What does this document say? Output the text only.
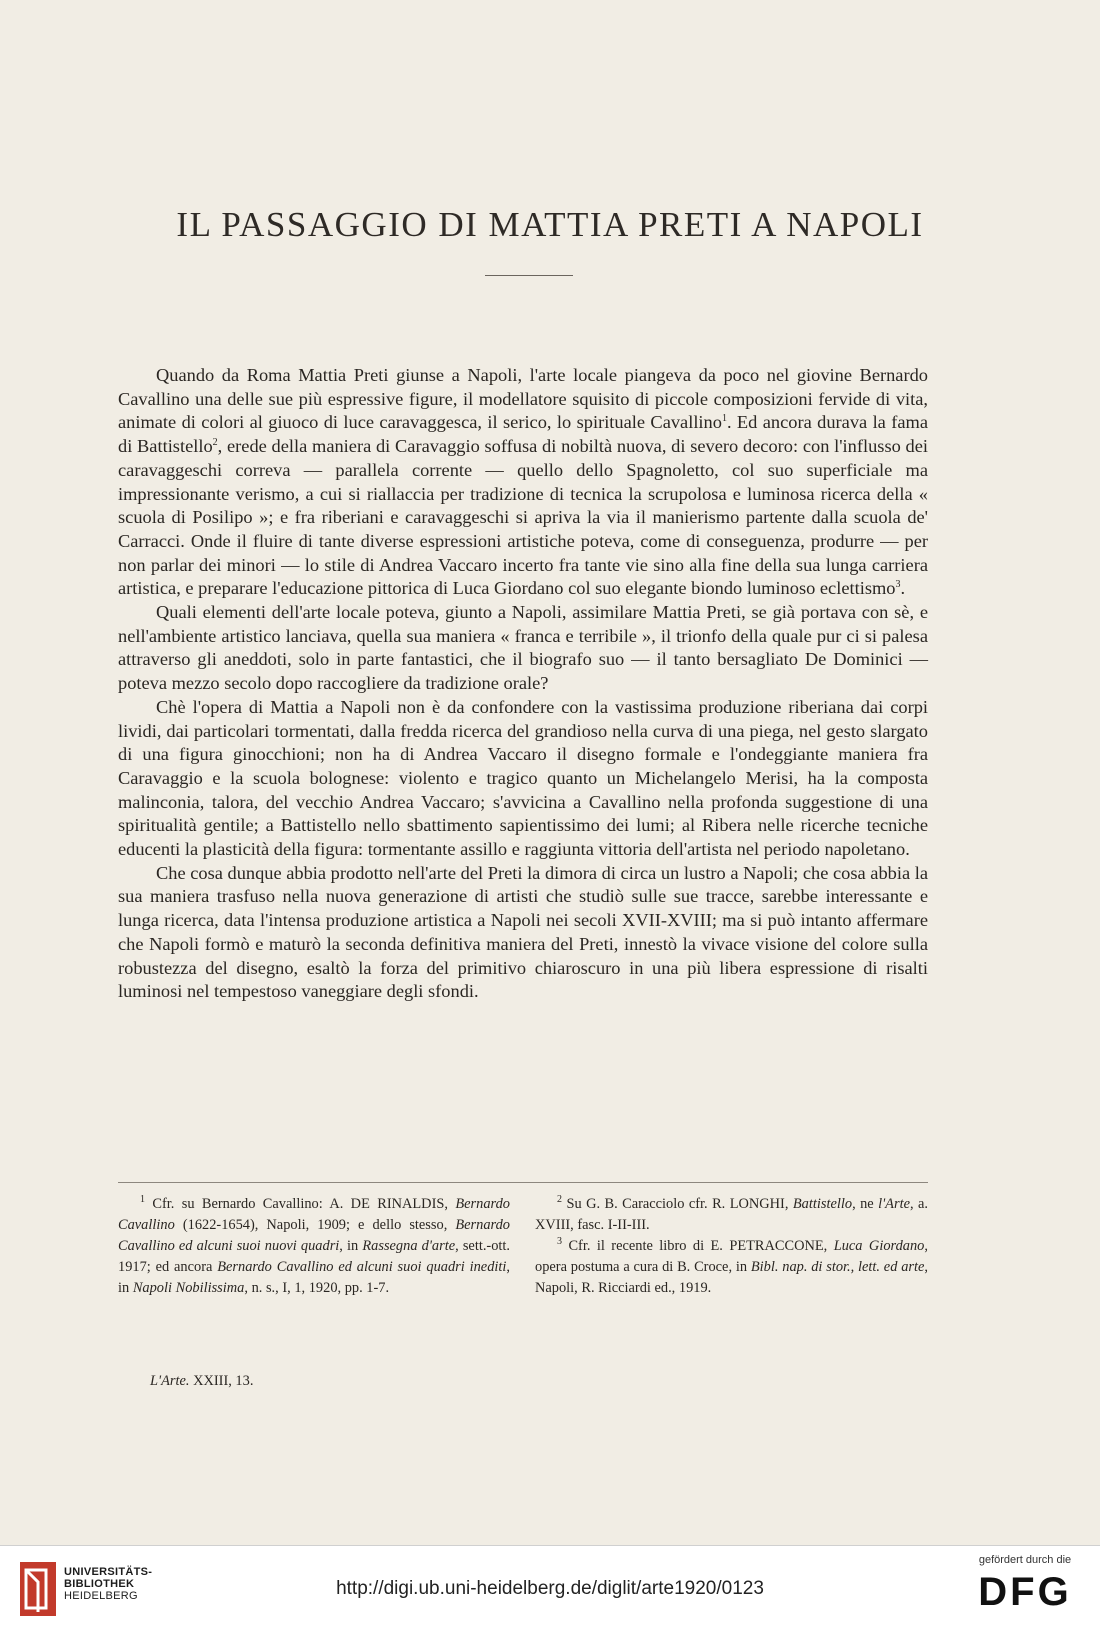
IL PASSAGGIO DI MATTIA PRETI A NAPOLI

Quando da Roma Mattia Preti giunse a Napoli, l'arte locale piangeva da poco nel giovine Bernardo Cavallino una delle sue più espressive figure, il modellatore squisito di piccole composizioni fervide di vita, animate di colori al giuoco di luce caravaggesca, il serico, lo spirituale Cavallino$^1$. Ed ancora durava la fama di Battistello$^2$, erede della maniera di Caravaggio soffusa di nobiltà nuova, di severo decoro: con l'influsso dei caravaggeschi correva — parallela corrente — quello dello Spagnoletto, col suo superficiale ma impressionante verismo, a cui si riallaccia per tradizione di tecnica la scrupolosa e luminosa ricerca della « scuola di Posilipo »; e fra riberiani e caravaggeschi si apriva la via il manierismo partente dalla scuola de' Carracci. Onde il fluire di tante diverse espressioni artistiche poteva, come di conseguenza, produrre — per non parlar dei minori — lo stile di Andrea Vaccaro incerto fra tante vie sino alla fine della sua lunga carriera artistica, e preparare l'educazione pittorica di Luca Giordano col suo elegante biondo luminoso eclettismo$^3$.

Quali elementi dell'arte locale poteva, giunto a Napoli, assimilare Mattia Preti, se già portava con sè, e nell'ambiente artistico lanciava, quella sua maniera « franca e terribile », il trionfo della quale pur ci si palesa attraverso gli aneddoti, solo in parte fantastici, che il biografo suo — il tanto bersagliato De Dominici — poteva mezzo secolo dopo raccogliere da tradizione orale?

Chè l'opera di Mattia a Napoli non è da confondere con la vastissima produzione riberiana dai corpi lividi, dai particolari tormentati, dalla fredda ricerca del grandioso nella curva di una piega, nel gesto slargato di una figura ginocchioni; non ha di Andrea Vaccaro il disegno formale e l'ondeggiante maniera fra Caravaggio e la scuola bolognese: violento e tragico quanto un Michelangelo Merisi, ha la composta malinconia, talora, del vecchio Andrea Vaccaro; s'avvicina a Cavallino nella profonda suggestione di una spiritualità gentile; a Battistello nello sbattimento sapientissimo dei lumi; al Ribera nelle ricerche tecniche educenti la plasticità della figura: tormentante assillo e raggiunta vittoria dell'artista nel periodo napoletano.

Che cosa dunque abbia prodotto nell'arte del Preti la dimora di circa un lustro a Napoli; che cosa abbia la sua maniera trasfuso nella nuova generazione di artisti che studiò sulle sue tracce, sarebbe interessante e lunga ricerca, data l'intensa produzione artistica a Napoli nei secoli XVII-XVIII; ma si può intanto affermare che Napoli formò e maturò la seconda definitiva maniera del Preti, innestò la vivace visione del colore sulla robustezza del disegno, esaltò la forza del primitivo chiaroscuro in una più libera espressione di risalti luminosi nel tempestoso vaneggiare degli sfondi.

$^1$ Cfr. su Bernardo Cavallino: A. DE RINALDIS, Bernardo Cavallino (1622-1654), Napoli, 1909; e dello stesso, Bernardo Cavallino ed alcuni suoi nuovi quadri, in Rassegna d'arte, sett.-ott. 1917; ed ancora Bernardo Cavallino ed alcuni suoi quadri inediti, in Napoli Nobilissima, n. s., I, 1, 1920, pp. 1-7.

$^2$ Su G. B. Caracciolo cfr. R. LONGHI, Battistello, ne l'Arte, a. XVIII, fasc. I-II-III.

$^3$ Cfr. il recente libro di E. PETRACCONE, Luca Giordano, opera postuma a cura di B. Croce, in Bibl. nap. di stor., lett. ed arte, Napoli, R. Ricciardi ed., 1919.

L'Arte. XXIII, 13.
UNIVERSITÄTS-
BIBLIOTHEK
HEIDELBERG	http://digi.ub.uni-heidelberg.de/diglit/arte1920/0123
gefördert durch die
DFG
